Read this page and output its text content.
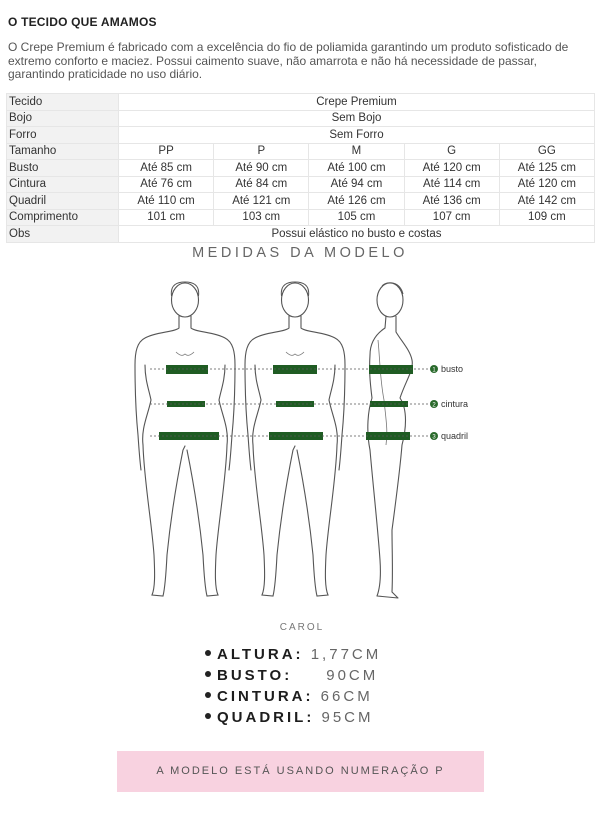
O TECIDO QUE AMAMOS
O Crepe Premium é fabricado com a excelência do fio de poliamida garantindo um produto sofisticado de extremo conforto e maciez. Possui caimento suave, não amarrota e não há necessidade de passar, garantindo praticidade no uso diário.
Tecido	Crepe Premium				
Bojo	Sem Bojo				
Forro	Sem Forro				
Tamanho	PP	P	M	G	GG
Busto	Até 85 cm	Até 90 cm	Até 100 cm	Até 120 cm	Até 125 cm
Cintura	Até 76 cm	Até 84 cm	Até 94 cm	Até 114 cm	Até 120 cm
Quadril	Até 110 cm	Até 121 cm	Até 126 cm	Até 136 cm	Até 142 cm
Comprimento	101 cm	103 cm	105 cm	107 cm	109 cm
Obs	Possui elástico no busto e costas				
MEDIDAS DA MODELO
1 busto
2 cintura
3 quadril
CAROL
ALTURA: 1,77CM
BUSTO: 90CM
CINTURA: 66CM
QUADRIL: 95CM
A MODELO ESTÁ USANDO NUMERAÇÃO P
